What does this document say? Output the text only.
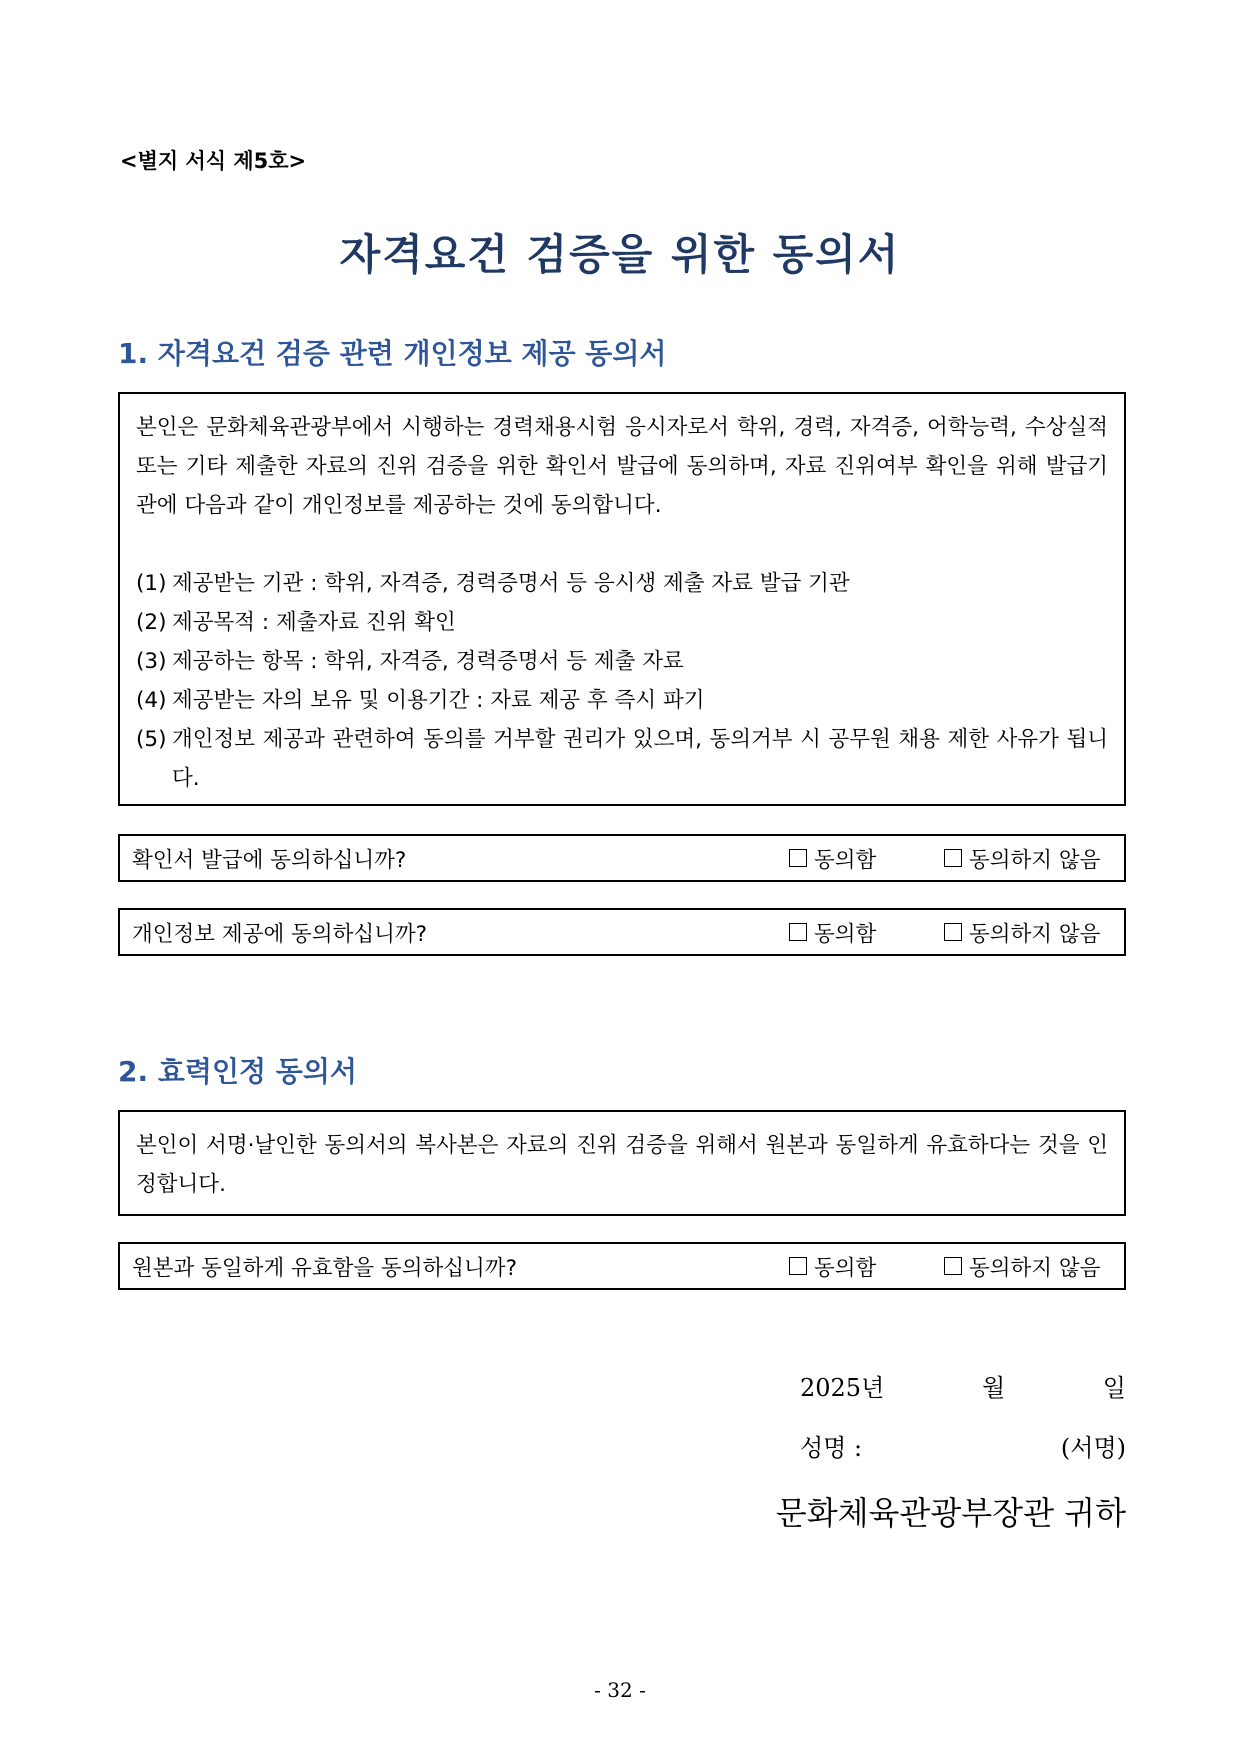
<별지 서식 제5호>
자격요건 검증을 위한 동의서
1. 자격요건 검증 관련 개인정보 제공 동의서

본인은 문화체육관광부에서 시행하는 경력채용시험 응시자로서 학위, 경력, 자격증, 어학능력, 수상실적 또는 기타 제출한 자료의 진위 검증을 위한 확인서 발급에 동의하며, 자료 진위여부 확인을 위해 발급기관에 다음과 같이 개인정보를 제공하는 것에 동의합니다.

(1) 제공받는 기관 : 학위, 자격증, 경력증명서 등 응시생 제출 자료 발급 기관
(2) 제공목적 : 제출자료 진위 확인
(3) 제공하는 항목 : 학위, 자격증, 경력증명서 등 제출 자료
(4) 제공받는 자의 보유 및 이용기간 : 자료 제공 후 즉시 파기
(5) 개인정보 제공과 관련하여 동의를 거부할 권리가 있으며, 동의거부 시 공무원 채용 제한 사유가 됩니다.
확인서 발급에 동의하십니까?	동의함	동의하지 않음
개인정보 제공에 동의하십니까?	동의함	동의하지 않음
2. 효력인정 동의서

본인이 서명·날인한 동의서의 복사본은 자료의 진위 검증을 위해서 원본과 동일하게 유효하다는 것을 인정합니다.

원본과 동일하게 유효함을 동의하십니까?	동의함	동의하지 않음
2025년	월	일
성명 :	(서명)
문화체육관광부장관 귀하
- 32 -
